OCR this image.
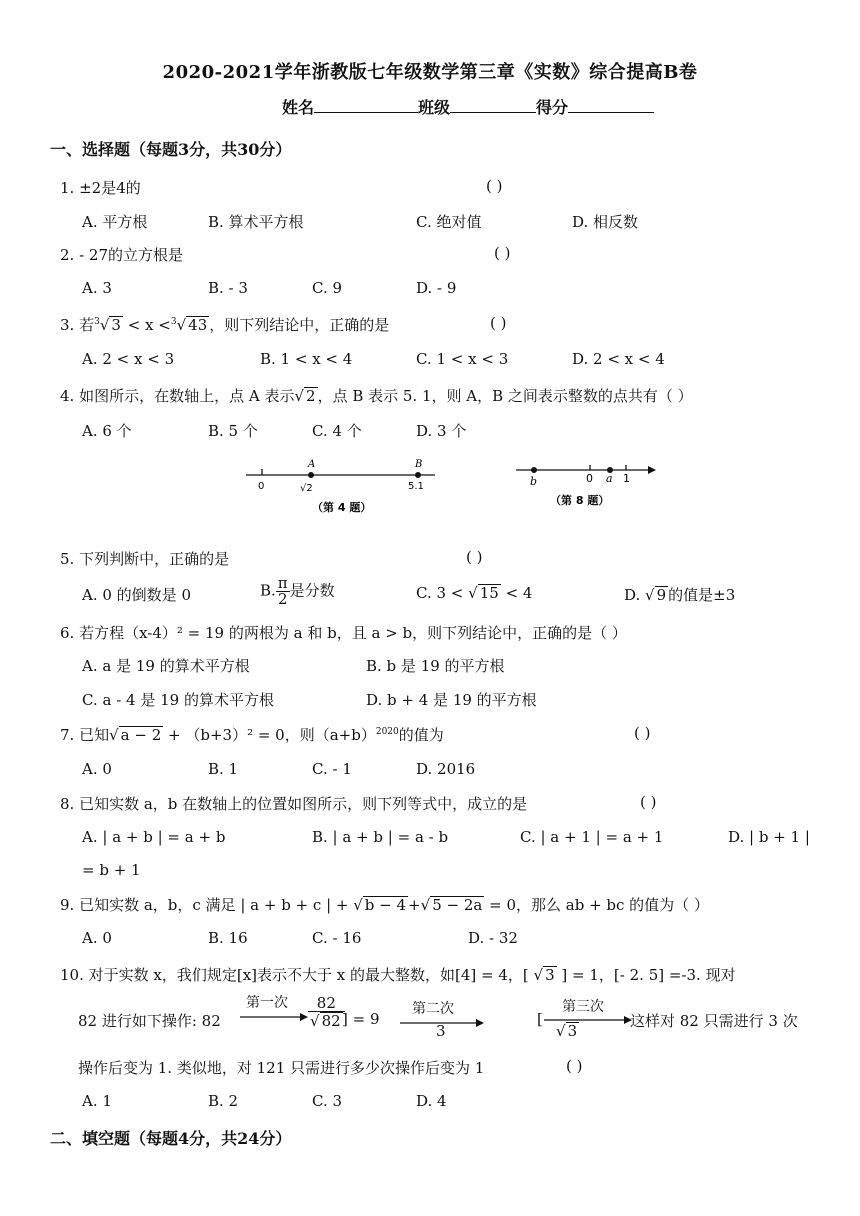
2020-2021学年浙教版七年级数学第三章《实数》综合提高B卷
姓名	班级	得分
一、选择题（每题3分，共30分）
1. ±2是4的	( )
A. 平方根	B. 算术平方根	C. 绝对值	D. 相反数
2. - 27的立方根是	( )
A. 3	B. - 3	C. 9	D. - 9
3. 若$^3$√ 3 < x <$^3$√ 43 ，则下列结论中，正确的是	( )
A. 2 < x < 3	B. 1 < x < 4	C. 1 < x < 3	D. 2 < x < 4
4. 如图所示，在数轴上，点 A 表示√ 2 ，点 B 表示 5. 1，则 A，B 之间表示整数的点共有（ ）
A. 6 个	B. 5 个	C. 4 个	D. 3 个
A	B
0	√2	5.1
（第 4 题）
b	0 a 1
（第 8 题）
5. 下列判断中，正确的是	( )
A. 0 的倒数是 0	B. $\frac{\pi}{2}$ 是分数	C. 3 < √ 15 < 4	D. √ 9 的值是±3
6. 若方程（x-4）² = 19 的两根为 a 和 b，且 a > b，则下列结论中，正确的是（ ）
A. a 是 19 的算术平方根	B. b 是 19 的平方根
C. a - 4 是 19 的算术平方根	D. b + 4 是 19 的平方根
7. 已知√ a − 2 + （b+3）² = 0，则$(a+b)^{2020}$的值为	( )
A. 0	B. 1	C. - 1	D. 2016
8. 已知实数 a，b 在数轴上的位置如图所示，则下列等式中，成立的是	( )
A. | a + b | = a + b	B. | a + b | = a - b	C. | a + 1 | = a + 1	D. | b + 1 |
= b + 1
9. 已知实数 a，b，c 满足 | a + b + c | + √ b − 4 +√ 5 − 2a = 0，那么 ab + bc 的值为（ ）
A. 0	B. 16	C. - 16	D. - 32
10. 对于实数 x，我们规定[x]表示不大于 x 的最大整数，如[4] = 4，[ √ 3 ] = 1，[- 2. 5] =-3. 现对
82 进行如下操作: 82
第一次 $\frac{82}{√ 82}$
] = 9
第二次
3
[
第三次
√ 3
这样对 82 只需进行 3 次
操作后变为 1. 类似地，对 121 只需进行多少次操作后变为 1	( )
A. 1	B. 2	C. 3	D. 4
二、填空题（每题4分，共24分）
